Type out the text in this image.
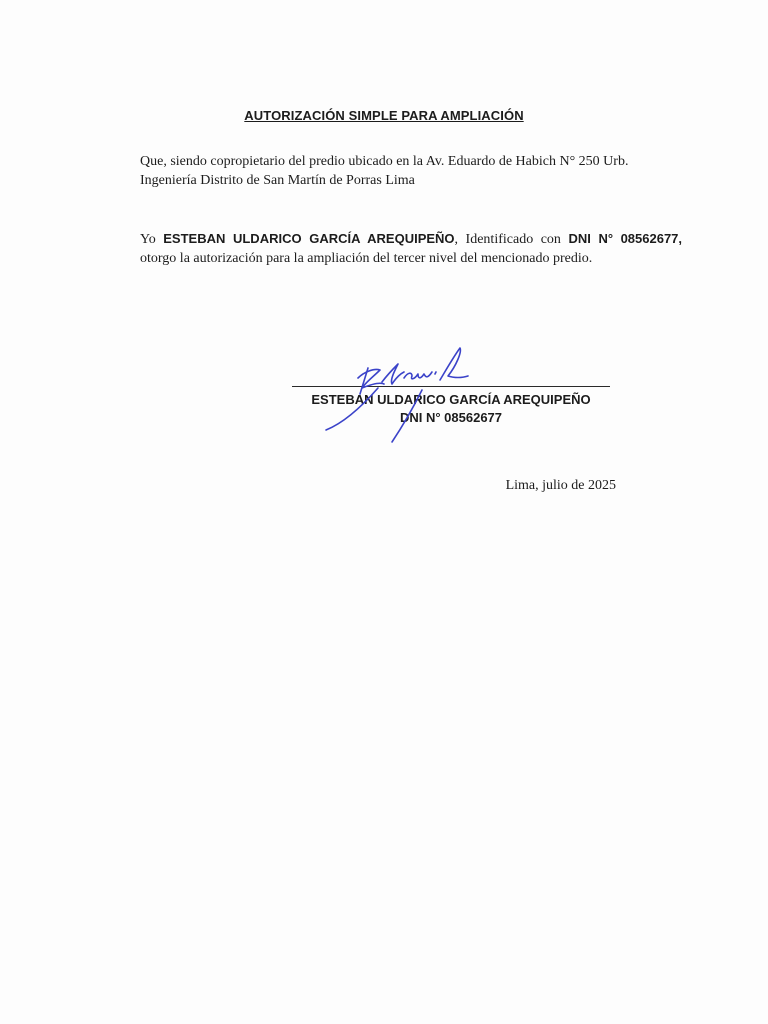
AUTORIZACIÓN SIMPLE PARA AMPLIACIÓN
Que, siendo copropietario del predio ubicado en la Av. Eduardo de Habich N° 250 Urb.
Ingeniería Distrito de San Martín de Porras Lima
Yo ESTEBAN ULDARICO GARCÍA AREQUIPEÑO, Identificado con DNI N° 08562677, otorgo la autorización para la ampliación del tercer nivel del mencionado predio.
ESTEBAN ULDARICO GARCÍA AREQUIPEÑO
DNI N° 08562677
Lima, julio de 2025
